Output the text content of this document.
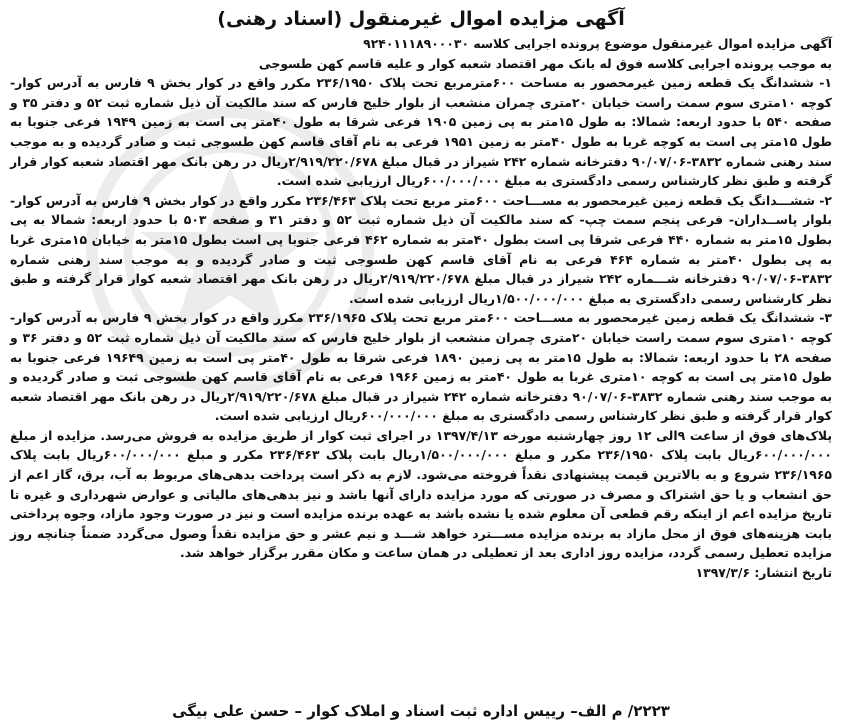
آگهی مزایده اموال غیرمنقول (اسناد رهنی)
آگهی مزایده اموال غیرمنقول موضوع پرونده اجرایی کلاسه ۹۲۴۰۱۱۱۸۹۰۰۰۳۰
به موجب پرونده اجرایی کلاسه فوق له بانک مهر اقتصاد شعبه کوار و علیه قاسم کهن طسوجی
۱- ششدانگ یک قطعه زمین غیرمحصور به مساحت ۶۰۰مترمربع تحت پلاک ۲۳۶/۱۹۵۰ مکرر واقع در کوار بخش ۹ فارس به آدرس کوار- کوچه ۱۰متری سوم سمت راست خیابان ۲۰متری چمران منشعب از بلوار خلیج فارس که سند مالکیت آن ذیل شماره ثبت ۵۲ و دفتر ۳۵ و صفحه ۵۴۰ با حدود اربعه: شمالا: به طول ۱۵متر به پی زمین ۱۹۰۵ فرعی شرقا به طول ۴۰متر پی است به زمین ۱۹۴۹ فرعی جنوبا به طول ۱۵متر پی است به کوچه غربا به طول ۴۰متر به زمین ۱۹۵۱ فرعی به نام آقای قاسم کهن طسوجی ثبت و صادر گردیده و به موجب سند رهنی شماره ۳۸۳۲-۹۰/۰۷/۰۶ دفترخانه شماره ۲۴۲ شیراز در قبال مبلغ ۲/۹۱۹/۲۲۰/۶۷۸ریال در رهن بانک مهر اقتصاد شعبه کوار قرار گرفته و طبق نظر کارشناس رسمی دادگستری به مبلغ ۶۰۰/۰۰۰/۰۰۰ریال ارزیابی شده است.
۲- ششـــدانگ یک قطعه زمین غیرمحصور به مســـاحت ۶۰۰متر مربع تحت پلاک ۲۳۶/۴۶۳ مکرر واقع در کوار بخش ۹ فارس به آدرس کوار- بلوار پاســداران- فرعی پنجم سمت چپ- که سند مالکیت آن ذیل شماره ثبت ۵۲ و دفتر ۳۱ و صفحه ۵۰۳ با حدود اربعه: شمالا به پی بطول ۱۵متر به شماره ۴۴۰ فرعی شرقا پی است بطول ۴۰متر به شماره ۴۶۲ فرعی جنوبا پی است بطول ۱۵متر به خیابان ۱۵متری غربا به پی بطول ۴۰متر به شماره ۴۶۴ فرعی به نام آقای قاسم کهن طسوجی ثبت و صادر گردیده و به موجب سند رهنی شماره ۳۸۳۲-۹۰/۰۷/۰۶ دفترخانه شـــماره ۲۴۲ شیراز در قبال مبلغ ۲/۹۱۹/۲۲۰/۶۷۸ریال در رهن بانک مهر اقتصاد شعبه کوار قرار گرفته و طبق نظر کارشناس رسمی دادگستری به مبلغ ۱/۵۰۰/۰۰۰/۰۰۰ریال ارزیابی شده است.
۳- ششدانگ یک قطعه زمین غیرمحصور به مســـاحت ۶۰۰متر مربع تحت پلاک ۲۳۶/۱۹۶۵ مکرر واقع در کوار بخش ۹ فارس به آدرس کوار- کوچه ۱۰متری سوم سمت راست خیابان ۲۰متری چمران منشعب از بلوار خلیج فارس که سند مالکیت آن ذیل شماره ثبت ۵۲ و دفتر ۳۶ و صفحه ۲۸ با حدود اربعه: شمالا: به طول ۱۵متر به پی زمین ۱۸۹۰ فرعی شرقا به طول ۴۰متر پی است به زمین ۱۹۶۴۹ فرعی جنوبا به طول ۱۵متر پی است به کوچه ۱۰متری غربا به طول ۴۰متر به زمین ۱۹۶۶ فرعی به نام آقای قاسم کهن طسوجی ثبت و صادر گردیده و به موجب سند رهنی شماره ۳۸۳۲-۹۰/۰۷/۰۶ دفترخانه شماره ۲۴۲ شیراز در قبال مبلغ ۲/۹۱۹/۲۲۰/۶۷۸ریال در رهن بانک مهر اقتصاد شعبه کوار قرار گرفته و طبق نظر کارشناس رسمی دادگستری به مبلغ ۶۰۰/۰۰۰/۰۰۰ریال ارزیابی شده است.
پلاک‌های فوق از ساعت ۹الی ۱۲ روز چهارشنبه مورخه ۱۳۹۷/۴/۱۳ در اجرای ثبت کوار از طریق مزایده به فروش می‌رسد. مزایده از مبلغ ۶۰۰/۰۰۰/۰۰۰ریال بابت پلاک ۲۳۶/۱۹۵۰ مکرر و مبلغ ۱/۵۰۰/۰۰۰/۰۰۰ریال بابت پلاک ۲۳۶/۴۶۳ مکرر و مبلغ ۶۰۰/۰۰۰/۰۰۰ریال بابت پلاک ۲۳۶/۱۹۶۵ شروع و به بالاترین قیمت پیشنهادی نقداً فروخته می‌شود. لازم به ذکر است پرداخت بدهی‌های مربوط به آب، برق، گاز اعم از حق انشعاب و یا حق اشتراک و مصرف در صورتی که مورد مزایده دارای آنها باشد و نیز بدهی‌های مالیاتی و عوارض شهرداری و غیره تا تاریخ مزایده اعم از اینکه رقم قطعی آن معلوم شده یا نشده باشد به عهده برنده مزایده است و نیز در صورت وجود مازاد، وجوه پرداختی بابت هزینه‌های فوق از محل مازاد به برنده مزایده مســـترد خواهد شـــد و نیم عشر و حق مزایده نقداً وصول می‌گردد ضمناً چنانچه روز مزایده تعطیل رسمی گردد، مزایده روز اداری بعد از تعطیلی در همان ساعت و مکان مقرر برگزار خواهد شد.
تاریخ انتشار: ۱۳۹۷/۳/۶
۲۲۲۳/ م الف– رییس اداره ثبت اسناد و املاک کوار – حسن علی بیگی
